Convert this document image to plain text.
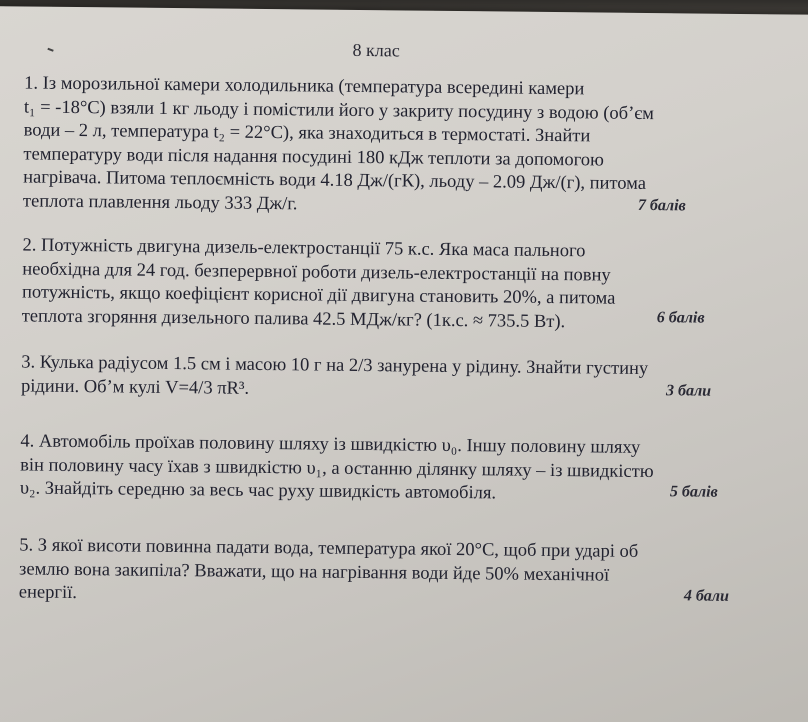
8 клас
1. Із морозильної камери холодильника (температура всередині камери
t₁ = -18°C) взяли 1 кг льоду і помістили його у закриту посудину з водою (об’єм
води – 2 л, температура t₂ = 22°C), яка знаходиться в термостаті. Знайти
температуру води після надання посудині 180 кДж теплоти за допомогою
нагрівача. Питома теплоємність води 4.18 Дж/(гК), льоду – 2.09 Дж/(г), питома
теплота плавлення льоду 333 Дж/г.	7 балів
2. Потужність двигуна дизель-електростанції 75 к.с. Яка маса пального
необхідна для 24 год. безперервної роботи дизель-електростанції на повну
потужність, якщо коефіцієнт корисної дії двигуна становить 20%, а питома
теплота згоряння дизельного палива 42.5 МДж/кг? (1к.с. ≈ 735.5 Вт).	6 балів
3. Кулька радіусом 1.5 см і масою 10 г на 2/3 занурена у рідину. Знайти густину
рідини. Об’м кулі V=4/3 πR³.	3 бали
4. Автомобіль проїхав половину шляху із швидкістю υ₀. Іншу половину шляху
він половину часу їхав з швидкістю υ₁, а останню ділянку шляху – із швидкістю
υ₂. Знайдіть середню за весь час руху швидкість автомобіля.	5 балів
5. З якої висоти повинна падати вода, температура якої 20°C, щоб при ударі об
землю вона закипіла? Вважати, що на нагрівання води йде 50% механічної
енергії.	4 бали
